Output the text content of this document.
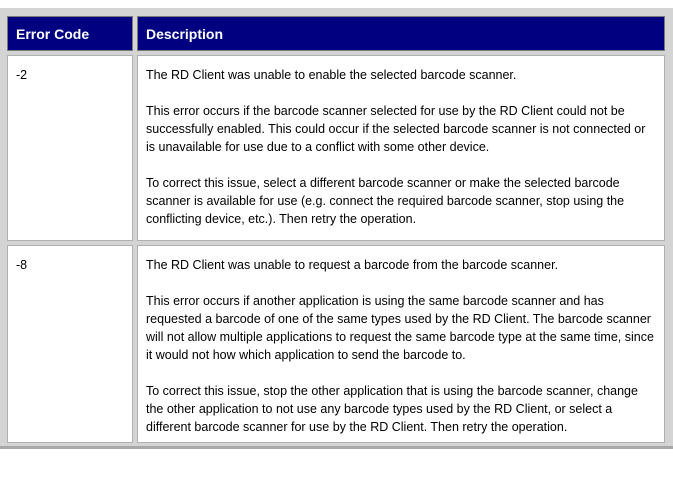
Error Code	Description
-2	The RD Client was unable to enable the selected barcode scanner.

This error occurs if the barcode scanner selected for use by the RD Client could not be successfully enabled. This could occur if the selected barcode scanner is not connected or is unavailable for use due to a conflict with some other device.

To correct this issue, select a different barcode scanner or make the selected barcode scanner is available for use (e.g. connect the required barcode scanner, stop using the conflicting device, etc.). Then retry the operation.

-8	The RD Client was unable to request a barcode from the barcode scanner.

This error occurs if another application is using the same barcode scanner and has requested a barcode of one of the same types used by the RD Client. The barcode scanner will not allow multiple applications to request the same barcode type at the same time, since it would not how which application to send the barcode to.

To correct this issue, stop the other application that is using the barcode scanner, change the other application to not use any barcode types used by the RD Client, or select a different barcode scanner for use by the RD Client. Then retry the operation.
